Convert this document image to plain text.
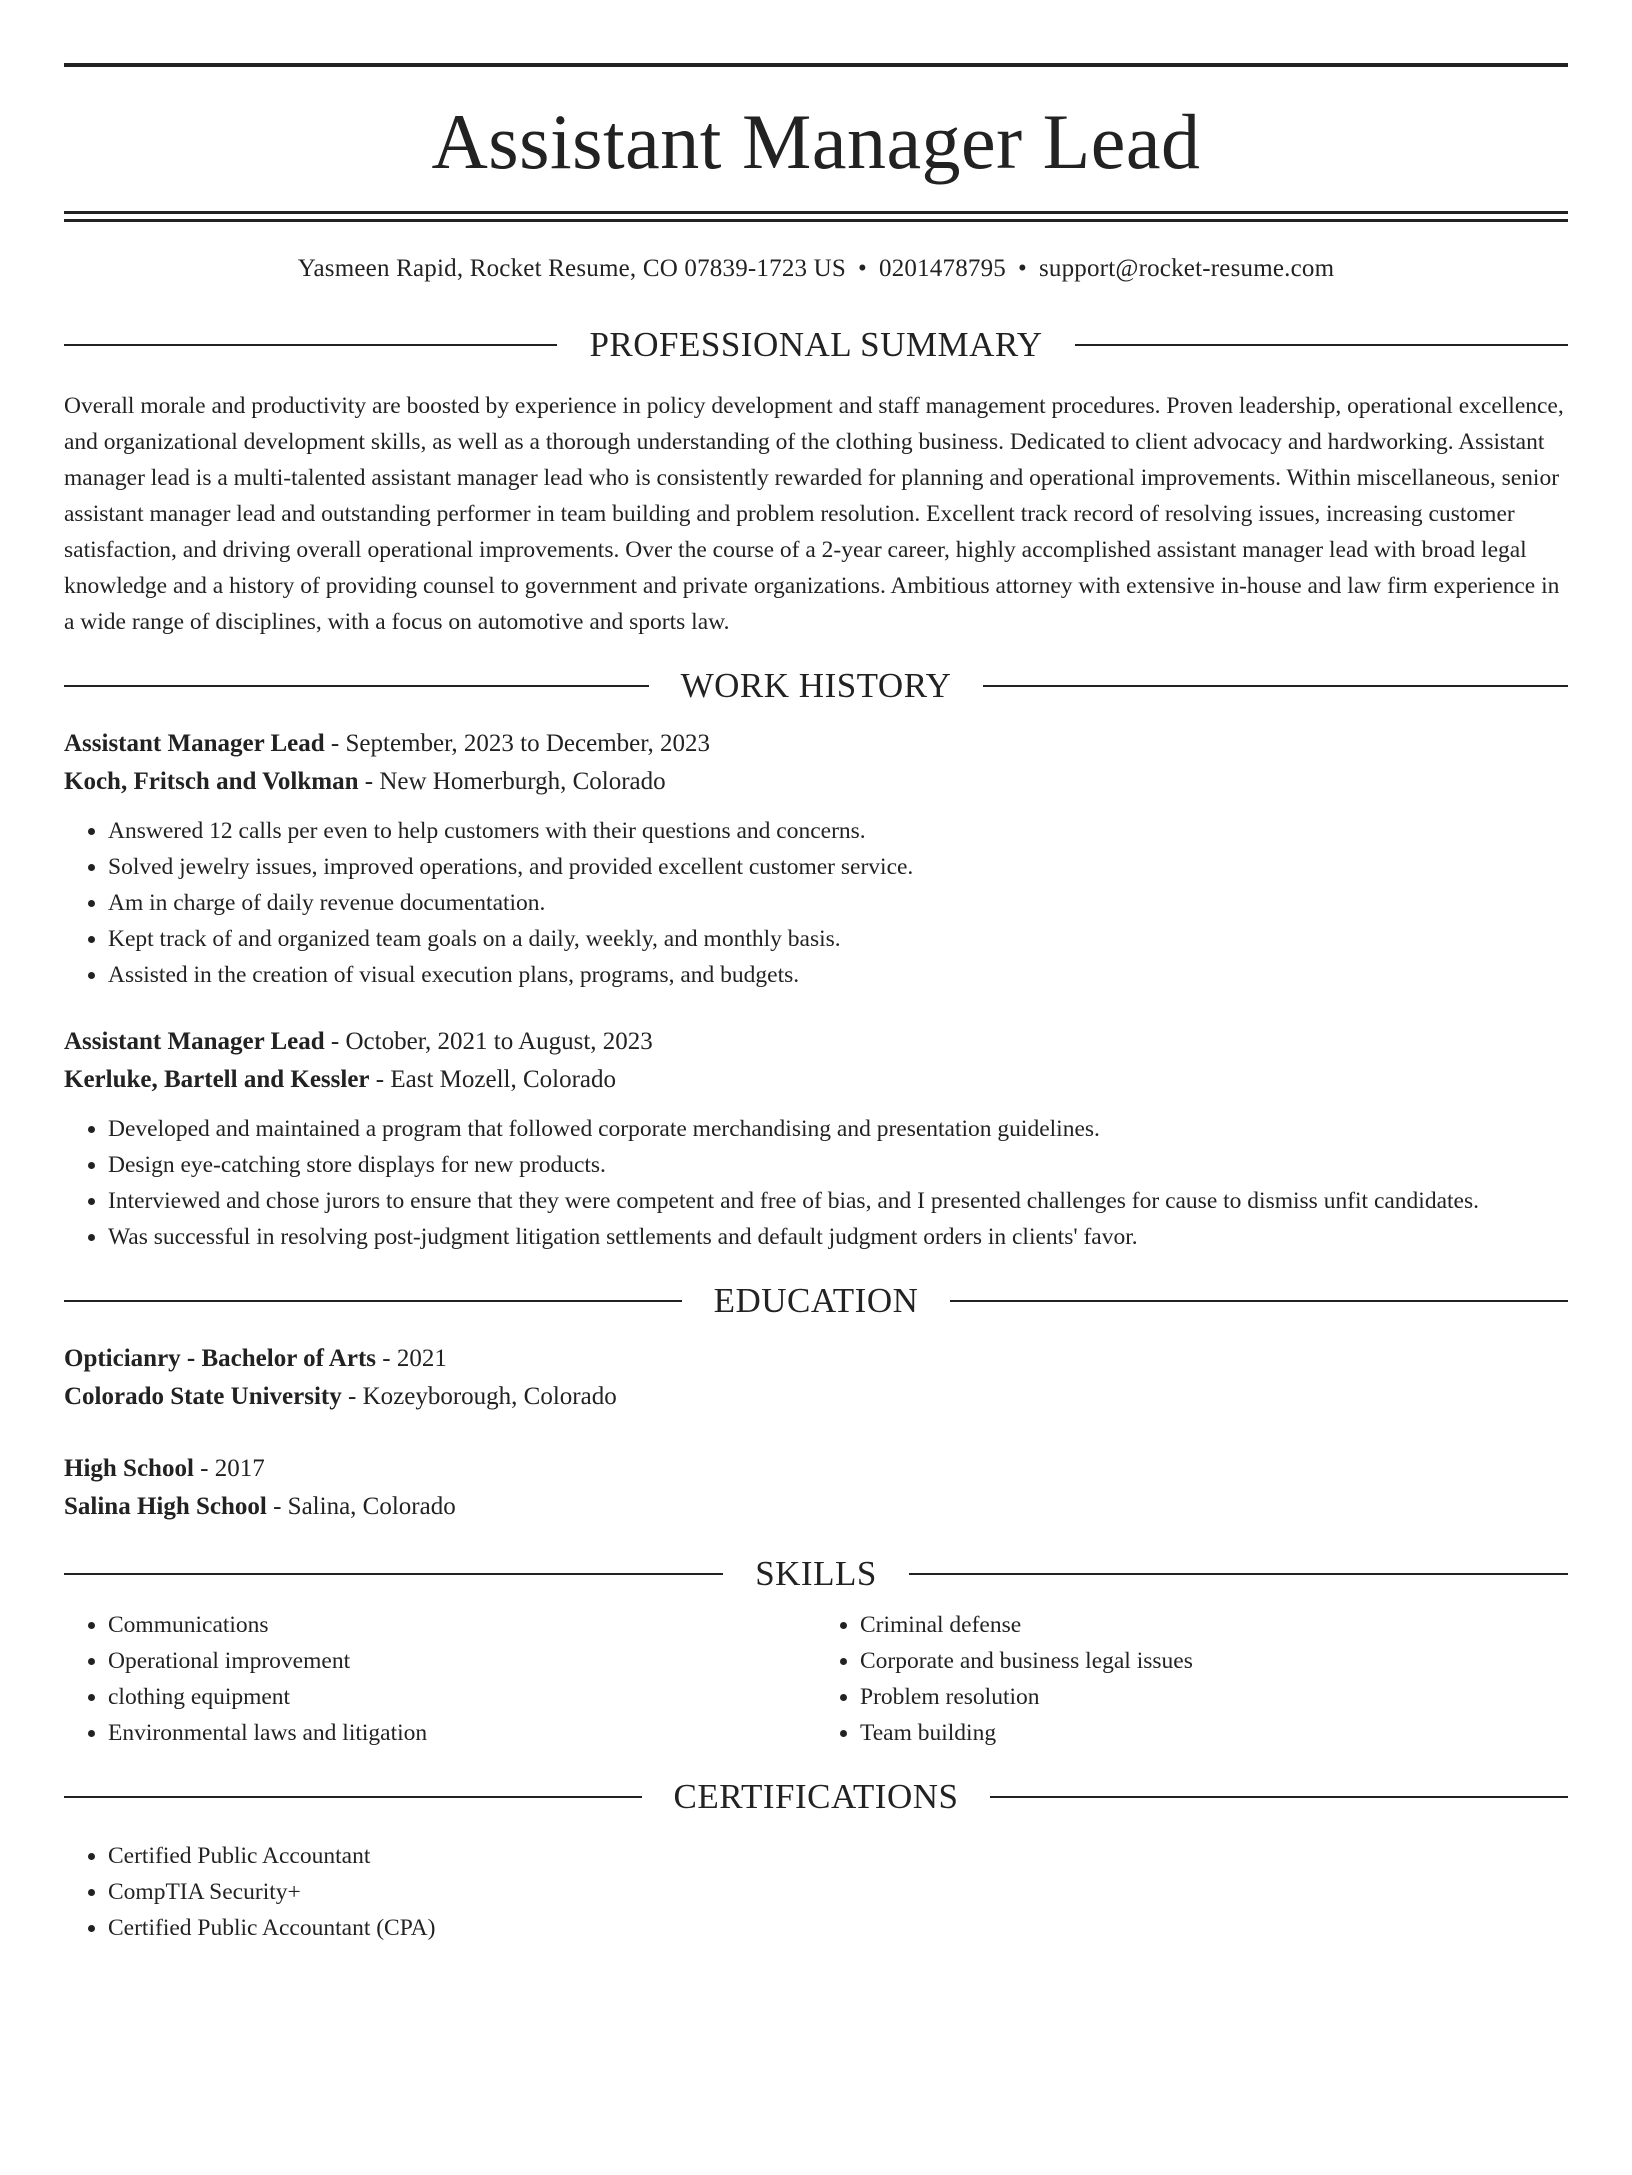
Assistant Manager Lead
Yasmeen Rapid, Rocket Resume, CO 07839-1723 US • 0201478795 • support@rocket-resume.com
PROFESSIONAL SUMMARY
Overall morale and productivity are boosted by experience in policy development and staff management procedures. Proven leadership, operational excellence, and organizational development skills, as well as a thorough understanding of the clothing business. Dedicated to client advocacy and hardworking. Assistant manager lead is a multi-talented assistant manager lead who is consistently rewarded for planning and operational improvements. Within miscellaneous, senior assistant manager lead and outstanding performer in team building and problem resolution. Excellent track record of resolving issues, increasing customer satisfaction, and driving overall operational improvements. Over the course of a 2-year career, highly accomplished assistant manager lead with broad legal knowledge and a history of providing counsel to government and private organizations. Ambitious attorney with extensive in-house and law firm experience in a wide range of disciplines, with a focus on automotive and sports law.
WORK HISTORY
Assistant Manager Lead - September, 2023 to December, 2023
Koch, Fritsch and Volkman - New Homerburgh, Colorado
• Answered 12 calls per even to help customers with their questions and concerns.
• Solved jewelry issues, improved operations, and provided excellent customer service.
• Am in charge of daily revenue documentation.
• Kept track of and organized team goals on a daily, weekly, and monthly basis.
• Assisted in the creation of visual execution plans, programs, and budgets.
Assistant Manager Lead - October, 2021 to August, 2023
Kerluke, Bartell and Kessler - East Mozell, Colorado
• Developed and maintained a program that followed corporate merchandising and presentation guidelines.
• Design eye-catching store displays for new products.
• Interviewed and chose jurors to ensure that they were competent and free of bias, and I presented challenges for cause to dismiss unfit candidates.
• Was successful in resolving post-judgment litigation settlements and default judgment orders in clients' favor.
EDUCATION
Opticianry - Bachelor of Arts - 2021
Colorado State University - Kozeyborough, Colorado
High School - 2017
Salina High School - Salina, Colorado
SKILLS
• Communications
• Operational improvement
• clothing equipment
• Environmental laws and litigation
• Criminal defense
• Corporate and business legal issues
• Problem resolution
• Team building
CERTIFICATIONS
• Certified Public Accountant
• CompTIA Security+
• Certified Public Accountant (CPA)
